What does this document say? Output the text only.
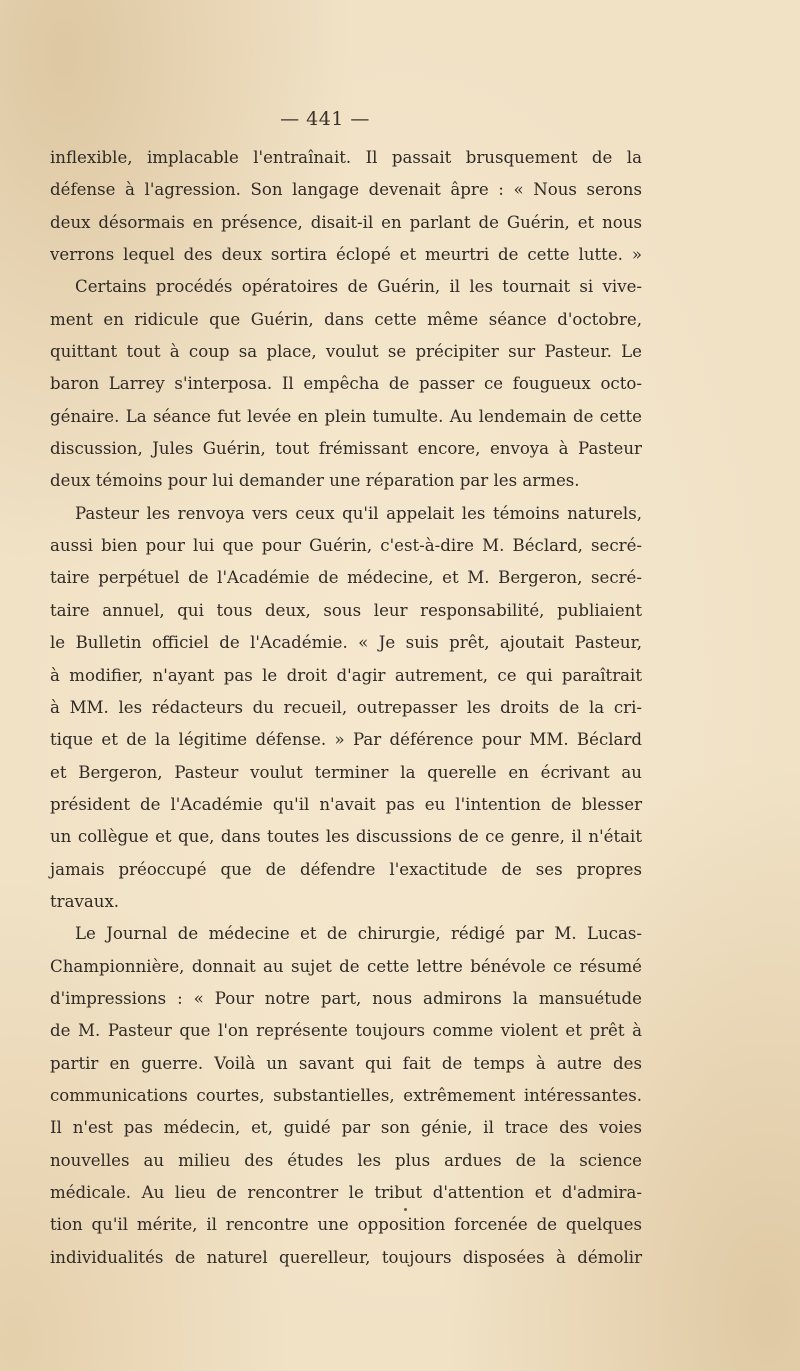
— 441 —
inflexible, implacable l'entraînait. Il passait brusquement de la
défense à l'agression. Son langage devenait âpre : « Nous serons
deux désormais en présence, disait-il en parlant de Guérin, et nous
verrons lequel des deux sortira éclopé et meurtri de cette lutte. »
Certains procédés opératoires de Guérin, il les tournait si vive-
ment en ridicule que Guérin, dans cette même séance d'octobre,
quittant tout à coup sa place, voulut se précipiter sur Pasteur. Le
baron Larrey s'interposa. Il empêcha de passer ce fougueux octo-
génaire. La séance fut levée en plein tumulte. Au lendemain de cette
discussion, Jules Guérin, tout frémissant encore, envoya à Pasteur
deux témoins pour lui demander une réparation par les armes.
Pasteur les renvoya vers ceux qu'il appelait les témoins naturels,
aussi bien pour lui que pour Guérin, c'est-à-dire M. Béclard, secré-
taire perpétuel de l'Académie de médecine, et M. Bergeron, secré-
taire annuel, qui tous deux, sous leur responsabilité, publiaient
le Bulletin officiel de l'Académie. « Je suis prêt, ajoutait Pasteur,
à modifier, n'ayant pas le droit d'agir autrement, ce qui paraîtrait
à MM. les rédacteurs du recueil, outrepasser les droits de la cri-
tique et de la légitime défense. » Par déférence pour MM. Béclard
et Bergeron, Pasteur voulut terminer la querelle en écrivant au
président de l'Académie qu'il n'avait pas eu l'intention de blesser
un collègue et que, dans toutes les discussions de ce genre, il n'était
jamais préoccupé que de défendre l'exactitude de ses propres
travaux.
Le Journal de médecine et de chirurgie, rédigé par M. Lucas-
Championnière, donnait au sujet de cette lettre bénévole ce résumé
d'impressions : « Pour notre part, nous admirons la mansuétude
de M. Pasteur que l'on représente toujours comme violent et prêt à
partir en guerre. Voilà un savant qui fait de temps à autre des
communications courtes, substantielles, extrêmement intéressantes.
Il n'est pas médecin, et, guidé par son génie, il trace des voies
nouvelles au milieu des études les plus ardues de la science
médicale. Au lieu de rencontrer le tribut d'attention et d'admira-
tion qu'il mérite, il rencontre une opposition forcenée de quelques
individualités de naturel querelleur, toujours disposées à démolir
